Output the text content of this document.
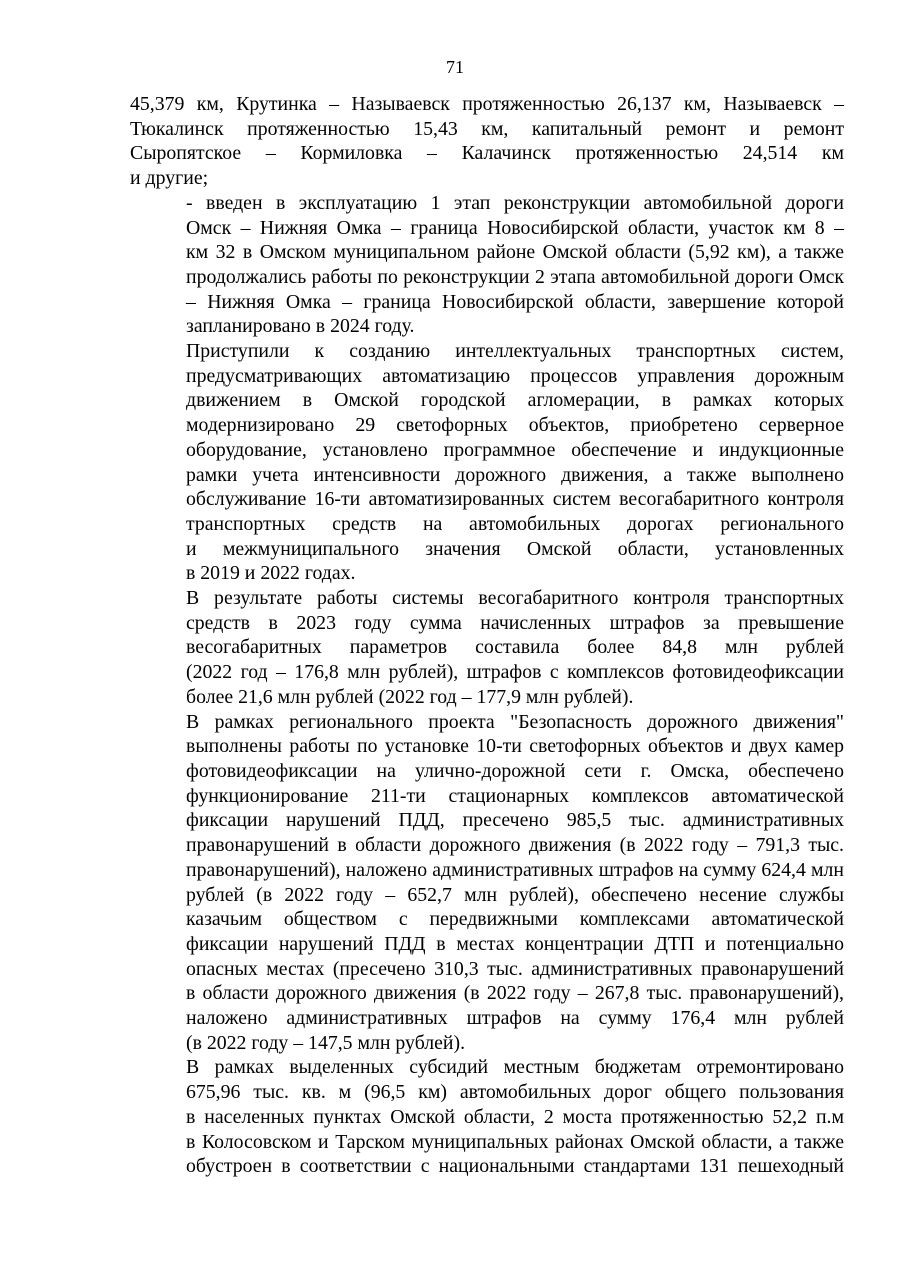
71
45,379 км, Крутинка – Называевск протяженностью 26,137 км, Называевск –
Тюкалинск протяженностью 15,43 км, капитальный ремонт и ремонт
Сыропятское – Кормиловка – Калачинск протяженностью 24,514 км
и другие;
- введен в эксплуатацию 1 этап реконструкции автомобильной дороги
Омск – Нижняя Омка – граница Новосибирской области, участок км 8 –
км 32 в Омском муниципальном районе Омской области (5,92 км), а также
продолжались работы по реконструкции 2 этапа автомобильной дороги Омск
– Нижняя Омка – граница Новосибирской области, завершение которой
запланировано в 2024 году.
Приступили к созданию интеллектуальных транспортных систем,
предусматривающих автоматизацию процессов управления дорожным
движением в Омской городской агломерации, в рамках которых
модернизировано 29 светофорных объектов, приобретено серверное
оборудование, установлено программное обеспечение и индукционные
рамки учета интенсивности дорожного движения, а также выполнено
обслуживание 16-ти автоматизированных систем весогабаритного контроля
транспортных средств на автомобильных дорогах регионального
и межмуниципального значения Омской области, установленных
в 2019 и 2022 годах.
В результате работы системы весогабаритного контроля транспортных
средств в 2023 году сумма начисленных штрафов за превышение
весогабаритных параметров составила более 84,8 млн рублей
(2022 год – 176,8 млн рублей), штрафов с комплексов фотовидеофиксации
более 21,6 млн рублей (2022 год – 177,9 млн рублей).
В рамках регионального проекта "Безопасность дорожного движения"
выполнены работы по установке 10-ти светофорных объектов и двух камер
фотовидеофиксации на улично-дорожной сети г. Омска, обеспечено
функционирование 211-ти стационарных комплексов автоматической
фиксации нарушений ПДД, пресечено 985,5 тыс. административных
правонарушений в области дорожного движения (в 2022 году – 791,3 тыс.
правонарушений), наложено административных штрафов на сумму 624,4 млн
рублей (в 2022 году – 652,7 млн рублей), обеспечено несение службы
казачьим обществом с передвижными комплексами автоматической
фиксации нарушений ПДД в местах концентрации ДТП и потенциально
опасных местах (пресечено 310,3 тыс. административных правонарушений
в области дорожного движения (в 2022 году – 267,8 тыс. правонарушений),
наложено административных штрафов на сумму 176,4 млн рублей
(в 2022 году – 147,5 млн рублей).
В рамках выделенных субсидий местным бюджетам отремонтировано
675,96 тыс. кв. м (96,5 км) автомобильных дорог общего пользования
в населенных пунктах Омской области, 2 моста протяженностью 52,2 п.м
в Колосовском и Тарском муниципальных районах Омской области, а также
обустроен в соответствии с национальными стандартами 131 пешеходный
